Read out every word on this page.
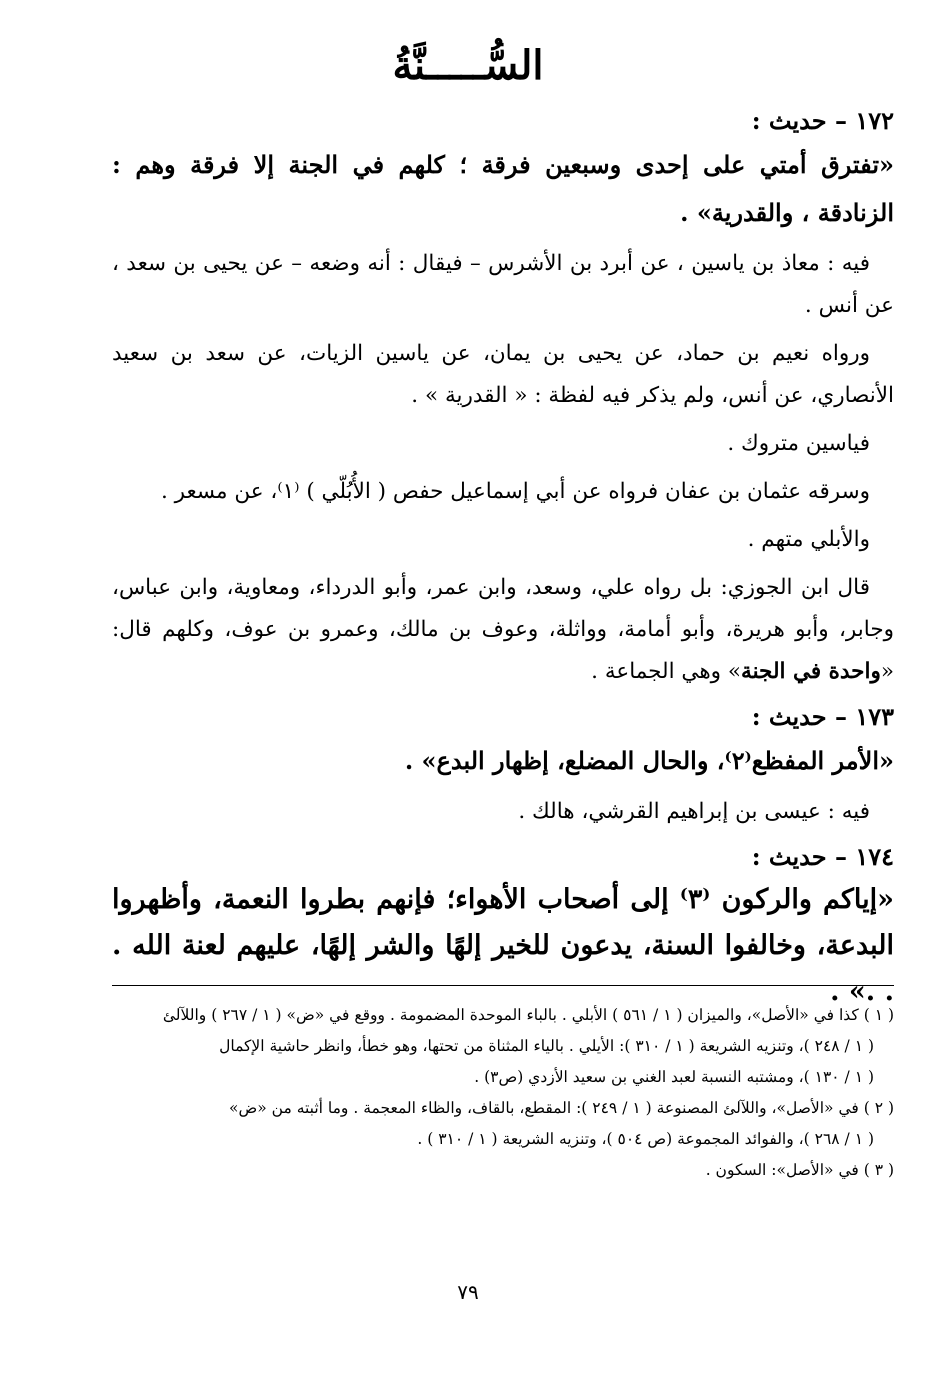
السُّـــــنَّةُ
١٧٢ – حديث :
«تفترق أمتي على إحدى وسبعين فرقة ؛ كلهم في الجنة إلا فرقة وهم : الزنادقة ، والقدرية» .
فيه : معاذ بن ياسين ، عن أبرد بن الأشرس – فيقال : أنه وضعه – عن يحيى بن سعد ، عن أنس .
ورواه نعيم بن حماد، عن يحيى بن يمان، عن ياسين الزيات، عن سعد بن سعيد الأنصاري، عن أنس، ولم يذكر فيه لفظة : « القدرية » .
فياسين متروك .
وسرقه عثمان بن عفان فرواه عن أبي إسماعيل حفص ( الأُبُلّي ) ⁽١⁾، عن مسعر .
والأبلي متهم .
قال ابن الجوزي: بل رواه علي، وسعد، وابن عمر، وأبو الدرداء، ومعاوية، وابن عباس، وجابر، وأبو هريرة، وأبو أمامة، وواثلة، وعوف بن مالك، وعمرو بن عوف، وكلهم قال: «واحدة في الجنة» وهي الجماعة .
١٧٣ – حديث :
«الأمر المفظع⁽٢⁾، والحال المضلع، إظهار البدع» .
فيه : عيسى بن إبراهيم القرشي، هالك .
١٧٤ – حديث :
«إياكم والركون ⁽٣⁾ إلى أصحاب الأهواء؛ فإنهم بطروا النعمة، وأظهروا البدعة، وخالفوا السنة، يدعون للخير إلهًا والشر إلهًا، عليهم لعنة الله . . .» .
( ١ ) كذا في «الأصل»، والميزان ( ١ / ٥٦١ ) الأبلي . بالباء الموحدة المضمومة . ووقع في «ض» ( ١ / ٢٦٧ ) واللآلئ
( ١ / ٢٤٨ )، وتنزيه الشريعة ( ١ / ٣١٠ ): الأيلي . بالياء المثناة من تحتها، وهو خطأ، وانظر حاشية الإكمال
( ١ / ١٣٠ )، ومشتبه النسبة لعبد الغني بن سعيد الأزدي (ص٣) .
( ٢ ) في «الأصل»، واللآلئ المصنوعة ( ١ / ٢٤٩ ): المقطع، بالقاف، والظاء المعجمة . وما أثبته من «ض»
( ١ / ٢٦٨ )، والفوائد المجموعة (ص ٥٠٤ )، وتنزيه الشريعة ( ١ / ٣١٠ ) .
( ٣ ) في «الأصل»: السكون .
٧٩
